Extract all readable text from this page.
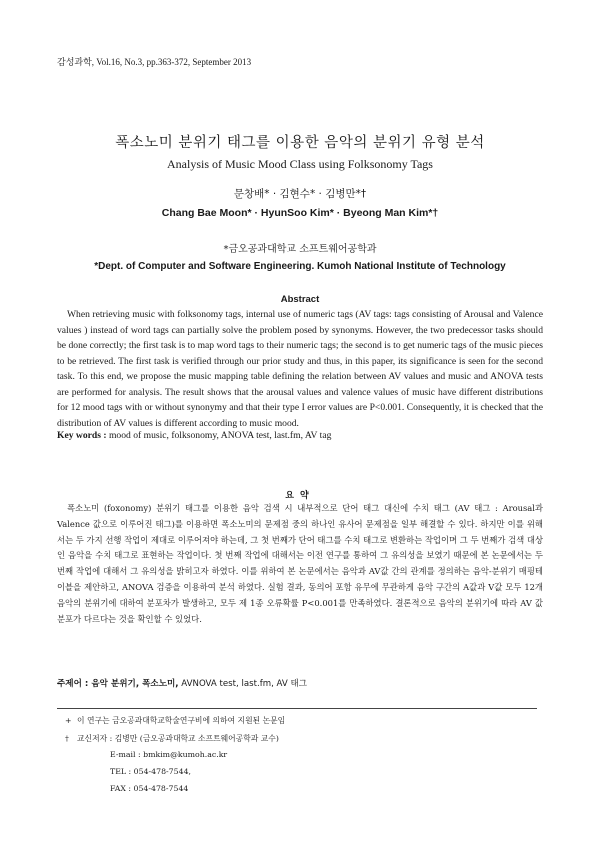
감성과학, Vol.16, No.3, pp.363-372, September 2013
폭소노미 분위기 태그를 이용한 음악의 분위기 유형 분석
Analysis of Music Mood Class using Folksonomy Tags
문창배* · 김현수* · 김병만*†
Chang Bae Moon* · HyunSoo Kim* · Byeong Man Kim*†
*금오공과대학교 소프트웨어공학과
*Dept. of Computer and Software Engineering. Kumoh National Institute of Technology
Abstract

When retrieving music with folksonomy tags, internal use of numeric tags (AV tags: tags consisting of Arousal and Valence values ) instead of word tags can partially solve the problem posed by synonyms. However, the two predecessor tasks should be done correctly; the first task is to map word tags to their numeric tags; the second is to get numeric tags of the music pieces to be retrieved. The first task is verified through our prior study and thus, in this paper, its significance is seen for the second task. To this end, we propose the music mapping table defining the relation between AV values and music and ANOVA tests are performed for analysis. The result shows that the arousal values and valence values of music have different distributions for 12 mood tags with or without synonymy and that their type I error values are P<0.001. Consequently, it is checked that the distribution of AV values is different according to music mood.

Key words : mood of music, folksonomy, ANOVA test, last.fm, AV tag
요약

폭소노미 (foxonomy) 분위기 태그를 이용한 음악 검색 시 내부적으로 단어 태그 대신에 수치 태그 (AV 태그 : Arousal과 Valence 값으로 이루어진 태그)를 이용하면 폭소노미의 문제점 중의 하나인 유사어 문제점을 일부 해결할 수 있다. 하지만 이를 위해서는 두 가지 선행 작업이 제대로 이루어져야 하는데, 그 첫 번째가 단어 태그를 수치 태그로 변환하는 작업이며 그 두 번째가 검색 대상인 음악을 수치 태그로 표현하는 작업이다. 첫 번째 작업에 대해서는 이전 연구를 통하여 그 유의성을 보였기 때문에 본 논문에서는 두 번째 작업에 대해서 그 유의성을 밝히고자 하였다. 이를 위하여 본 논문에서는 음악과 AV값 간의 관계를 정의하는 음악-분위기 매핑테이블을 제안하고, ANOVA 검증을 이용하여 분석 하였다. 실험 결과, 동의어 포함 유무에 무관하게 음악 구간의 A값과 V값 모두 12개 음악의 분위기에 대하여 분포차가 발생하고, 모두 제 1종 오류확률 P<0.001를 만족하였다. 결론적으로 음악의 분위기에 따라 AV 값 분포가 다르다는 것을 확인할 수 있었다.

주제어 : 음악 분위기, 폭소노미, AVNOVA test, last.fm, AV 태그
+ 이 연구는 금오공과대학교학술연구비에 의하여 지원된 논문임
† 교신저자 : 김병만 (금오공과대학교 소프트웨어공학과 교수)
E-mail : bmkim@kumoh.ac.kr
TEL : 054-478-7544,
FAX : 054-478-7544
